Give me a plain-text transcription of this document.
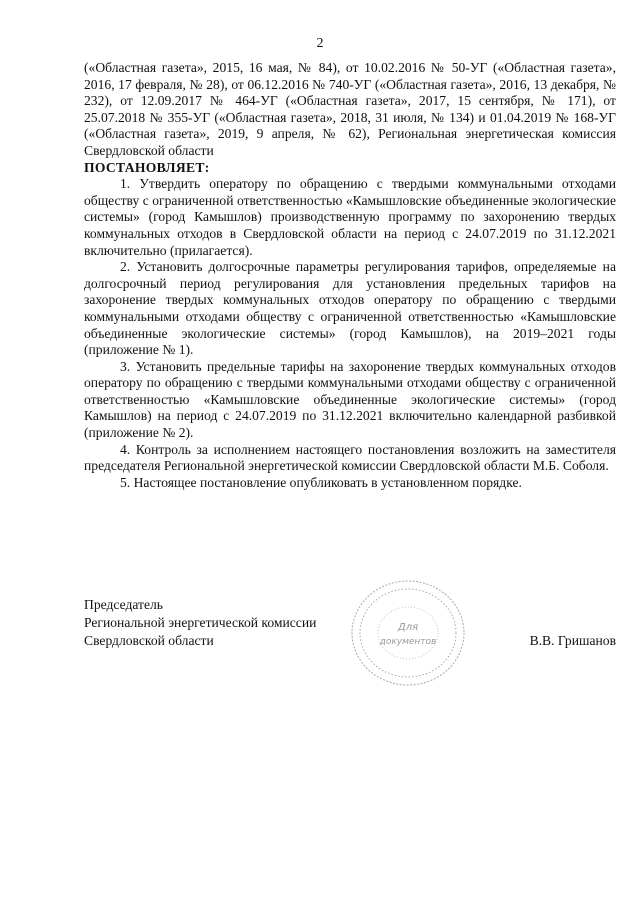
2

(«Областная газета», 2015, 16 мая, № 84), от 10.02.2016 № 50-УГ («Областная газета», 2016, 17 февраля, № 28), от 06.12.2016 № 740-УГ («Областная газета», 2016, 13 декабря, № 232), от 12.09.2017 № 464-УГ («Областная газета», 2017, 15 сентября, № 171), от 25.07.2018 № 355-УГ («Областная газета», 2018, 31 июля, № 134) и 01.04.2019 № 168-УГ («Областная газета», 2019, 9 апреля, № 62), Региональная энергетическая комиссия Свердловской области

ПОСТАНОВЛЯЕТ:

1. Утвердить оператору по обращению с твердыми коммунальными отходами обществу с ограниченной ответственностью «Камышловские объединенные экологические системы» (город Камышлов) производственную программу по захоронению твердых коммунальных отходов в Свердловской области на период с 24.07.2019 по 31.12.2021 включительно (прилагается).

2. Установить долгосрочные параметры регулирования тарифов, определяемые на долгосрочный период регулирования для установления предельных тарифов на захоронение твердых коммунальных отходов оператору по обращению с твердыми коммунальными отходами обществу с ограниченной ответственностью «Камышловские объединенные экологические системы» (город Камышлов), на 2019–2021 годы (приложение № 1).

3. Установить предельные тарифы на захоронение твердых коммунальных отходов оператору по обращению с твердыми коммунальными отходами обществу с ограниченной ответственностью «Камышловские объединенные экологические системы» (город Камышлов) на период с 24.07.2019 по 31.12.2021 включительно календарной разбивкой (приложение № 2).

4. Контроль за исполнением настоящего постановления возложить на заместителя председателя Региональной энергетической комиссии Свердловской области М.Б. Соболя.

5. Настоящее постановление опубликовать в установленном порядке.

Председатель
Региональной энергетической комиссии
Свердловской области	В.В. Гришанов
Для
документов
